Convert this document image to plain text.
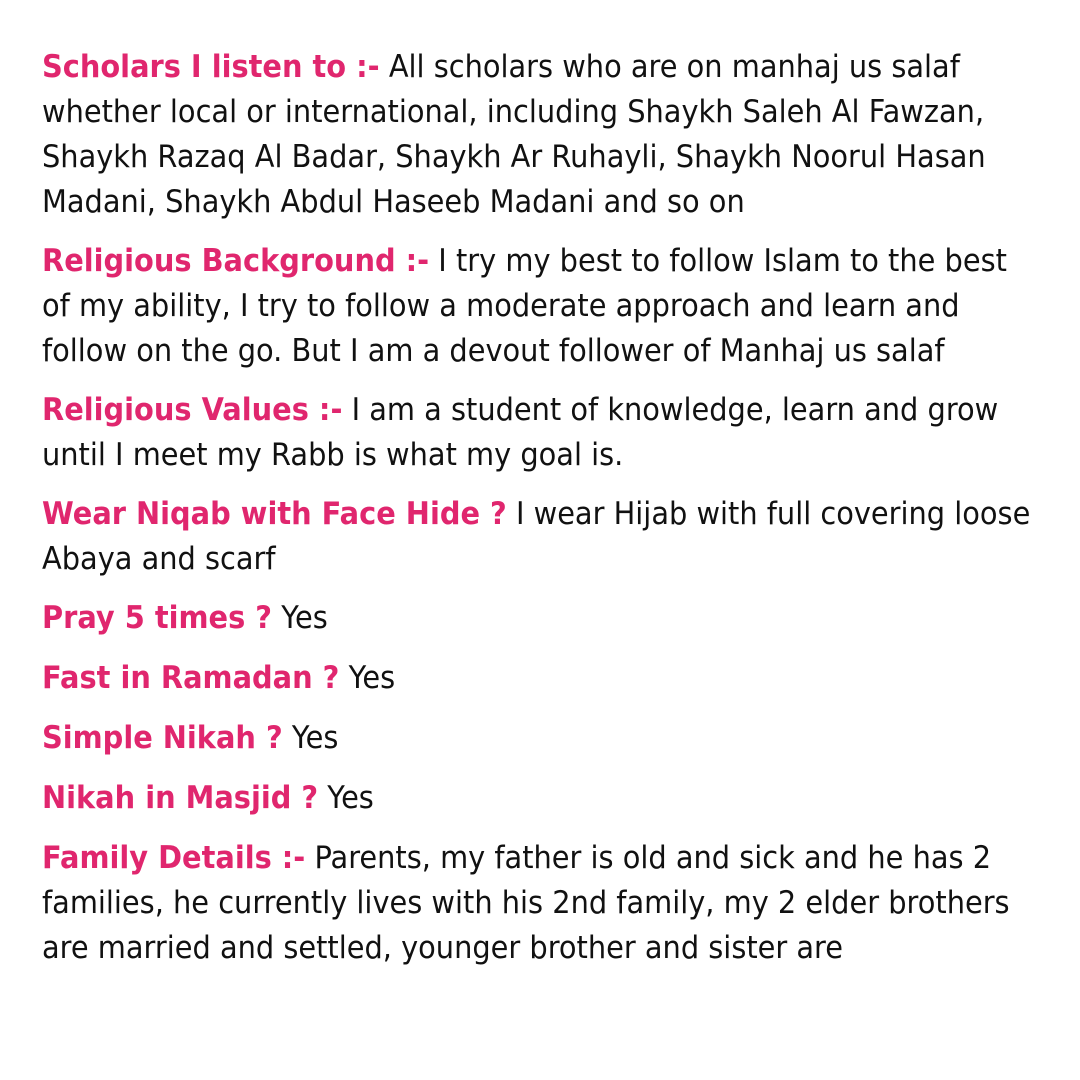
Scholars I listen to :- All scholars who are on manhaj us salaf whether local or international, including Shaykh Saleh Al Fawzan, Shaykh Razaq Al Badar, Shaykh Ar Ruhayli, Shaykh Noorul Hasan Madani, Shaykh Abdul Haseeb Madani and so on

Religious Background :- I try my best to follow Islam to the best of my ability, I try to follow a moderate approach and learn and follow on the go. But I am a devout follower of Manhaj us salaf

Religious Values :- I am a student of knowledge, learn and grow until I meet my Rabb is what my goal is.

Wear Niqab with Face Hide ? I wear Hijab with full covering loose Abaya and scarf

Pray 5 times ? Yes

Fast in Ramadan ? Yes

Simple Nikah ? Yes

Nikah in Masjid ? Yes

Family Details :- Parents, my father is old and sick and he has 2 families, he currently lives with his 2nd family, my 2 elder brothers are married and settled, younger brother and sister are
